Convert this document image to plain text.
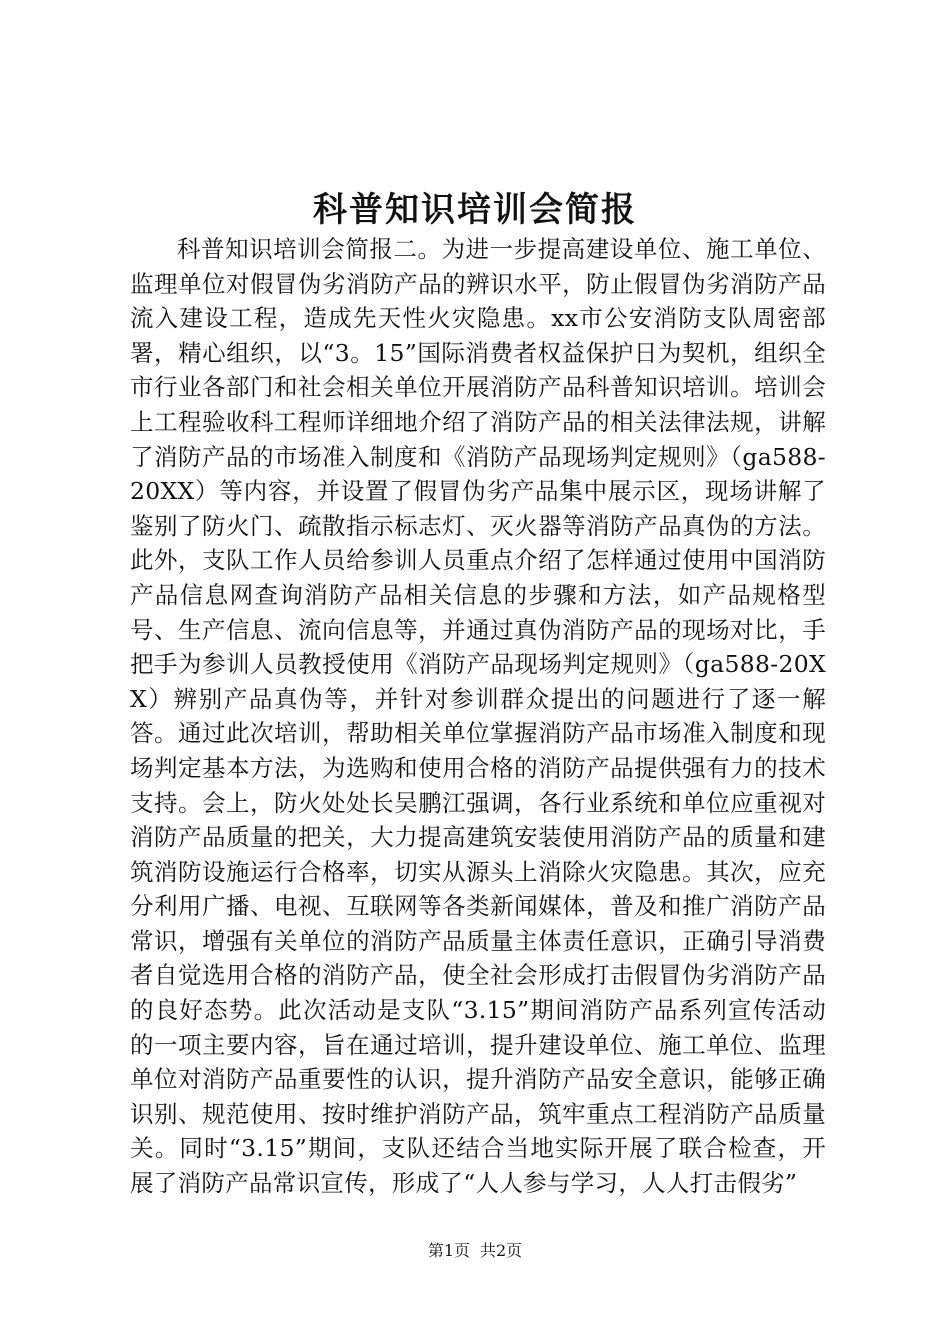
科普知识培训会简报

科普知识培训会简报二。为进一步提高建设单位、施工单位、监理单位对假冒伪劣消防产品的辨识水平，防止假冒伪劣消防产品流入建设工程，造成先天性火灾隐患。xx市公安消防支队周密部署，精心组织，以“3。15”国际消费者权益保护日为契机，组织全市行业各部门和社会相关单位开展消防产品科普知识培训。培训会上工程验收科工程师详细地介绍了消防产品的相关法律法规，讲解了消防产品的市场准入制度和《消防产品现场判定规则》（ga588-20XX）等内容，并设置了假冒伪劣产品集中展示区，现场讲解了鉴别了防火门、疏散指示标志灯、灭火器等消防产品真伪的方法。此外，支队工作人员给参训人员重点介绍了怎样通过使用中国消防产品信息网查询消防产品相关信息的步骤和方法，如产品规格型号、生产信息、流向信息等，并通过真伪消防产品的现场对比，手把手为参训人员教授使用《消防产品现场判定规则》（ga588-20XX）辨别产品真伪等，并针对参训群众提出的问题进行了逐一解答。通过此次培训，帮助相关单位掌握消防产品市场准入制度和现场判定基本方法，为选购和使用合格的消防产品提供强有力的技术支持。会上，防火处处长吴鹏江强调，各行业系统和单位应重视对消防产品质量的把关，大力提高建筑安装使用消防产品的质量和建筑消防设施运行合格率，切实从源头上消除火灾隐患。其次，应充分利用广播、电视、互联网等各类新闻媒体，普及和推广消防产品常识，增强有关单位的消防产品质量主体责任意识，正确引导消费者自觉选用合格的消防产品，使全社会形成打击假冒伪劣消防产品的良好态势。此次活动是支队“3.15”期间消防产品系列宣传活动的一项主要内容，旨在通过培训，提升建设单位、施工单位、监理单位对消防产品重要性的认识，提升消防产品安全意识，能够正确识别、规范使用、按时维护消防产品，筑牢重点工程消防产品质量关。同时“3.15”期间，支队还结合当地实际开展了联合检查，开展了消防产品常识宣传，形成了“人人参与学习，人人打击假劣”

第1页 共2页
